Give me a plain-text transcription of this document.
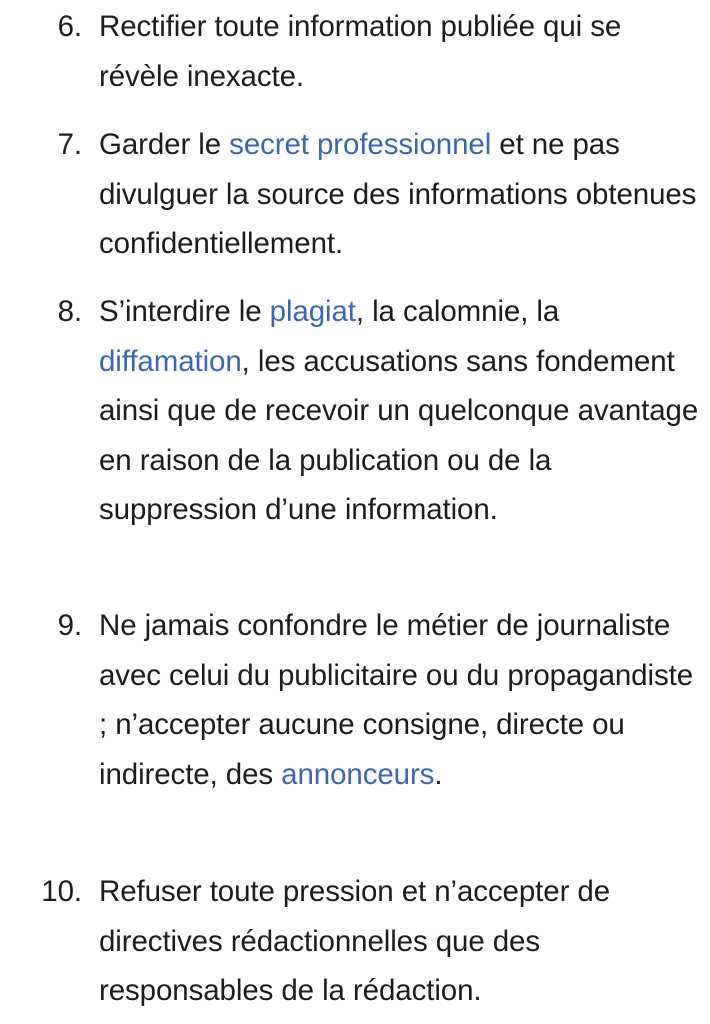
6. Rectifier toute information publiée qui se révèle inexacte.
7. Garder le secret professionnel et ne pas divulguer la source des informations obtenues confidentiellement.
8. S’interdire le plagiat, la calomnie, la diffamation, les accusations sans fondement ainsi que de recevoir un quelconque avantage en raison de la publication ou de la suppression d’une information.
9. Ne jamais confondre le métier de journaliste avec celui du publicitaire ou du propagandiste ; n’accepter aucune consigne, directe ou indirecte, des annonceurs.
10. Refuser toute pression et n’accepter de directives rédactionnelles que des responsables de la rédaction.
